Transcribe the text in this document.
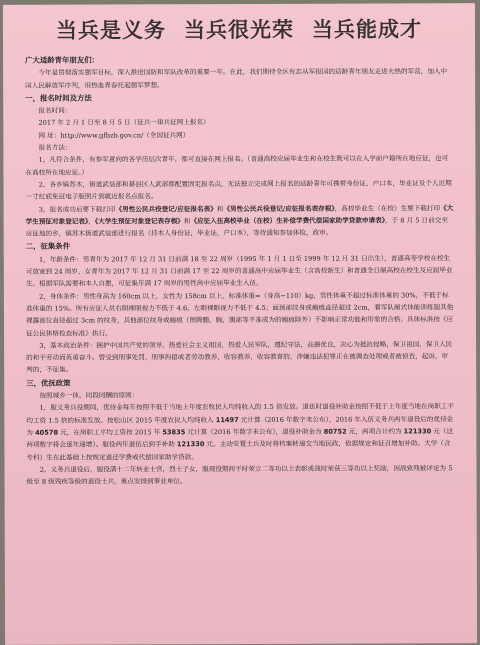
当兵是义务 当兵很光荣 当兵能成才

广大适龄青年朋友们：

今年是贯彻落实强军目标，深入推进国防和军队改革的重要一年。在此，我们期待全区有志从军报国的适龄青年朋友走进火热的军营，加入中国人民解放军序列，用热血青春托起强军梦想。

一，报名时间及方法

报名时间：

2017 年 2 月 1 日至 8 月 5 日（征兵一律兵征网上报名）

网 址：http://www.gfbzb.gov.cn/（全国征兵网）

报名方法：

1，凡符合条件，有参军意向的各学历层次青年，都可直接在网上报名。（普通高校应届毕业生和在校生既可以在入学前户籍所在地应征，也可在高校所在地应征。）

2，各乡镇苏木，街道武装部和綦县区人武部都配置固定报名点，无法独立完成网上报名的适龄青年可携带身份证，户口本，毕业证及个人近期一寸红底免冠电子版照片到就近报名点报名。

3，报名成功后要下载打印《男性公民兵役登记/应征报名表》和《男性公民兵役登记/应征报名表存根》，高校毕业生（在校）生要下载打印《大学生预征对象登记表》，《大学生预征对象登记表存根》和《应征入伍高校毕业（在校）生补偿学费代偿国家助学贷款申请表》，于 8 月 5 日前交至应征地的乡，镇苏木街道武装部进行报名（持本人身份证，毕业证，户口本），等待通知参加体检，政审。

二，征集条件

1，年龄条件：男青年为 2017 年 12 月 31 日前满 18 至 22 周岁（1995 年 1 月 1 日至 1999 年 12 月 31 日出生），普通高等学校在校生可放宽到 24 周岁，女青年为 2017 年 12 月 31 日前满 17 至 22 周岁的普通高中应届毕业生（含高校新生）和普通全日制高校在校生及应届毕业生。根据军队需要和本人自愿，可征集年满 17 周岁的男性高中应届毕业生入伍。

2，身体条件：男性身高为 160cm 以上，女性为 158cm 以上，标准体重=（身高−110）kg，男性体重不超过标准体重的 30%，不低于标准体重的 15%。所有应征人员右眼裸眼视力不低于 4.6，左眼裸眼视力不低于 4.5；面颈部纹身或瘢痕直径超过 2cm，着军队制式体能训练服其他裸露部位直径超过 3cm 的纹身，其他部位纹身或瘢痕（图腾髓，胸，腹部等不准成为的瘢痕除外）不影响正常功能和形象的合格；具体标准按《应征公民体格检查标准》执行。

3，基本政治条件：拥护中国共产党的领导，热爱社会主义祖国，热爱人民军队，遵纪守法，品德优良，决心为抵抗侵略，保卫祖国，保卫人民的和平劳动而英勇奋斗。曾受到刑事处罚，刑事拘留或者劳动教养，收容教养，收容教育的，涉嫌违法犯罪正在被调查处理或者被侦查，起诉，审判的，不征集。

三，优抚政策

按照城乡一体，同段同酬的原则：

1，服义务兵役期间，优待金每年按照不低于当地上年度农牧民人均纯收入的 1.5 倍发放。退伍时退役补助金按照不低于上年度当地在岗职工平均工资 1.5 倍的标准发放。按松山区 2015 年度农民人均纯收入 11497 元计算（2016 年数字未公布），2016 年入伍义务兵两年退役后的优待金为 40578 元，在岗职工平均工资按 2015 年 53835 元计算（2016 年数字未公布），退役补助金为 80752 元，两项合计约为 121330 元（这两项数字将会逐年递增）。服役两年退伍后到手补助 121330 元。主动安置士兵及时将档案转递交当地民政，依据规定和征召增加补助。大学（含专科）生在此基础上按规定退还学费或代偿国家助学贷款。

2，义务兵退役后，服役满十二年转业士官，烈士子女，服现役期间平时荣立二等功以上表彰或战时荣获三等功以上奖励，因战致残被评定为 5 级至 8 级残疾等级的退役士兵，重点安排到事业单位。
